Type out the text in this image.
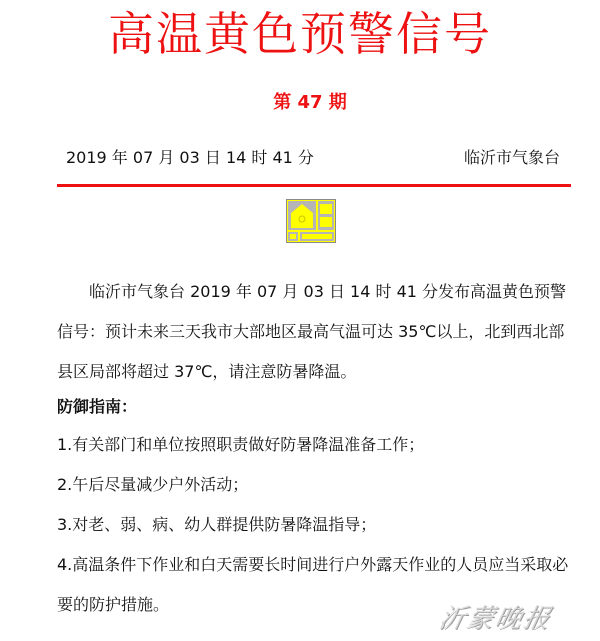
高温黄色预警信号
第 47 期
2019 年 07 月 03 日 14 时 41 分	临沂市气象台
临沂市气象台 2019 年 07 月 03 日 14 时 41 分发布高温黄色预警信号：预计未来三天我市大部地区最高气温可达 35℃以上，北到西北部县区局部将超过 37℃，请注意防暑降温。
防御指南：
1.有关部门和单位按照职责做好防暑降温准备工作；
2.午后尽量减少户外活动；
3.对老、弱、病、幼人群提供防暑降温指导；
4.高温条件下作业和白天需要长时间进行户外露天作业的人员应当采取必要的防护措施。	沂蒙晚报
